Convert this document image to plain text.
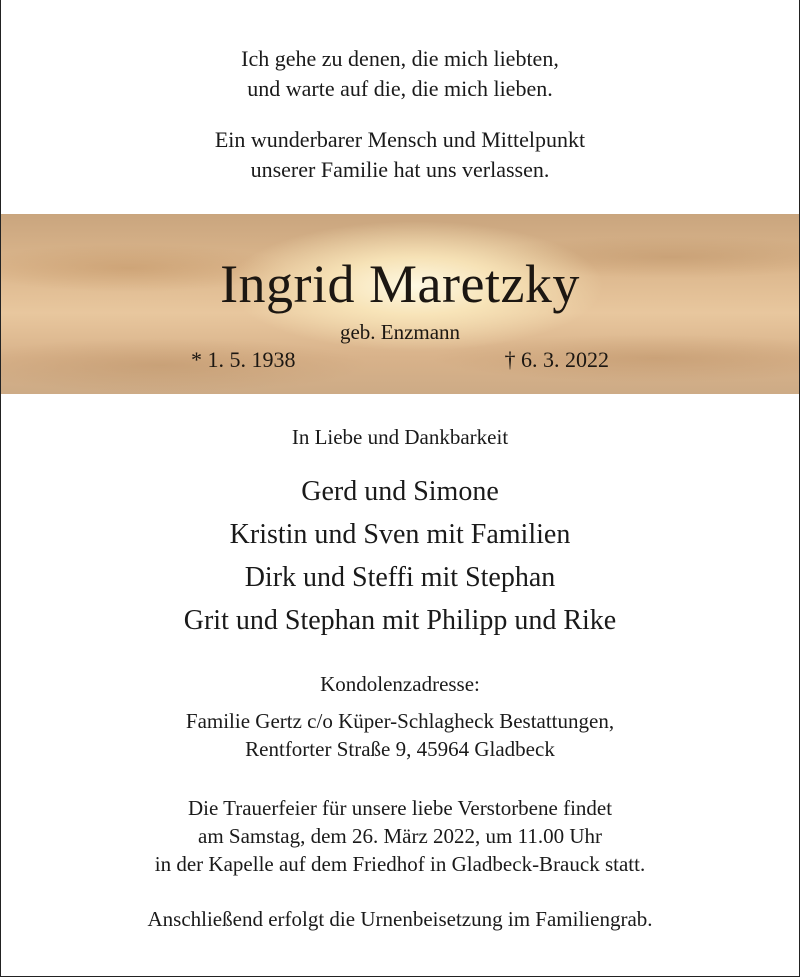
Ich gehe zu denen, die mich liebten,

und warte auf die, die mich lieben.

Ein wunderbarer Mensch und Mittelpunkt

unserer Familie hat uns verlassen.

Ingrid Maretzky
geb. Enzmann
* 1. 5. 1938	† 6. 3. 2022
In Liebe und Dankbarkeit
Gerd und Simone
Kristin und Sven mit Familien
Dirk und Steffi mit Stephan
Grit und Stephan mit Philipp und Rike
Kondolenzadresse:
Familie Gertz c/o Küper-Schlagheck Bestattungen,
Rentforter Straße 9, 45964 Gladbeck
Die Trauerfeier für unsere liebe Verstorbene findet
am Samstag, dem 26. März 2022, um 11.00 Uhr
in der Kapelle auf dem Friedhof in Gladbeck-Brauck statt.
Anschließend erfolgt die Urnenbeisetzung im Familiengrab.
